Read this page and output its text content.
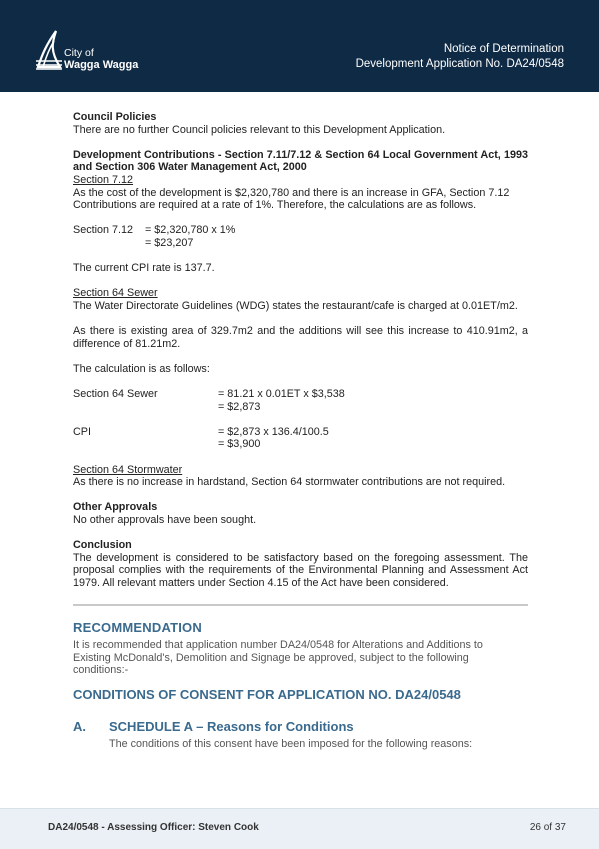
City of
Wagga Wagga
Notice of Determination
Development Application No. DA24/0548

Council Policies

There are no further Council policies relevant to this Development Application.

Development Contributions - Section 7.11/7.12 & Section 64 Local Government Act, 1993 and Section 306 Water Management Act, 2000

Section 7.12

As the cost of the development is $2,320,780 and there is an increase in GFA, Section 7.12 Contributions are required at a rate of 1%. Therefore, the calculations are as follows.

Section 7.12	= $2,320,780 x 1%

= $23,207

The current CPI rate is 137.7.

Section 64 Sewer

The Water Directorate Guidelines (WDG) states the restaurant/cafe is charged at 0.01ET/m2.

As there is existing area of 329.7m2 and the additions will see this increase to 410.91m2, a difference of 81.21m2.

The calculation is as follows:

Section 64 Sewer	= 81.21 x 0.01ET x $3,538

= $2,873

CPI	= $2,873 x 136.4/100.5

= $3,900

Section 64 Stormwater

As there is no increase in hardstand, Section 64 stormwater contributions are not required.

Other Approvals

No other approvals have been sought.

Conclusion

The development is considered to be satisfactory based on the foregoing assessment. The proposal complies with the requirements of the Environmental Planning and Assessment Act 1979. All relevant matters under Section 4.15 of the Act have been considered.

RECOMMENDATION
It is recommended that application number DA24/0548 for Alterations and Additions to Existing McDonald's, Demolition and Signage be approved, subject to the following conditions:-
CONDITIONS OF CONSENT FOR APPLICATION NO. DA24/0548
A. SCHEDULE A – Reasons for Conditions
The conditions of this consent have been imposed for the following reasons:
DA24/0548 - Assessing Officer: Steven Cook	26 of 37
